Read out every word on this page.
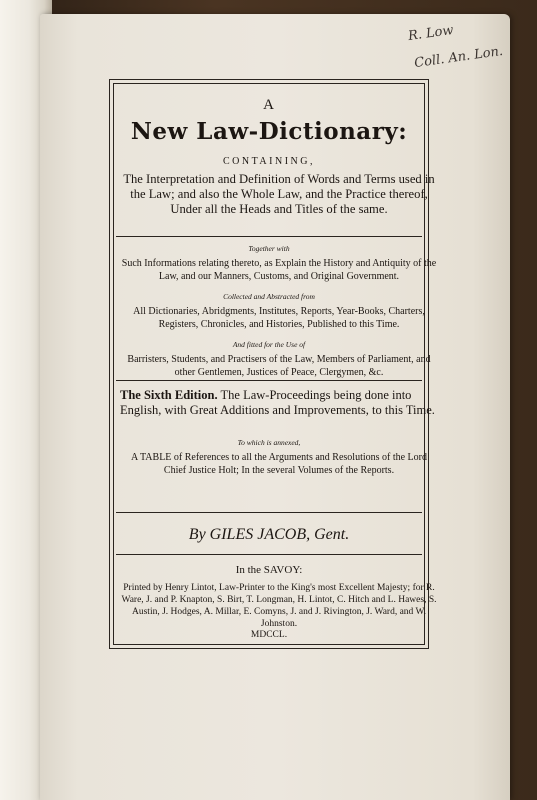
R. Low
Coll. An. Lon.
A
New Law-Dictionary:
CONTAINING,
The Interpretation and Definition of Words and Terms used in the Law; and also the Whole Law, and the Practice thereof, Under all the Heads and Titles of the same.
Together with
Such Informations relating thereto, as Explain the History and Antiquity of the Law, and our Manners, Customs, and Original Government.
Collected and Abstracted from
All Dictionaries, Abridgments, Institutes, Reports, Year-Books, Charters, Registers, Chronicles, and Histories, Published to this Time.
And fitted for the Use of
Barristers, Students, and Practisers of the Law, Members of Parliament, and other Gentlemen, Justices of Peace, Clergymen, &c.
The Sixth Edition. The Law-Proceedings being done into English, with Great Additions and Improvements, to this Time.
To which is annexed,
A TABLE of References to all the Arguments and Resolutions of the Lord Chief Justice Holt; In the several Volumes of the Reports.
By GILES JACOB, Gent.
In the SAVOY:
Printed by Henry Lintot, Law-Printer to the King's most Excellent Majesty; for R. Ware, J. and P. Knapton, S. Birt, T. Longman, H. Lintot, C. Hitch and L. Hawes, S. Austin, J. Hodges, A. Millar, E. Comyns, J. and J. Rivington, J. Ward, and W. Johnston.
MDCCL.
